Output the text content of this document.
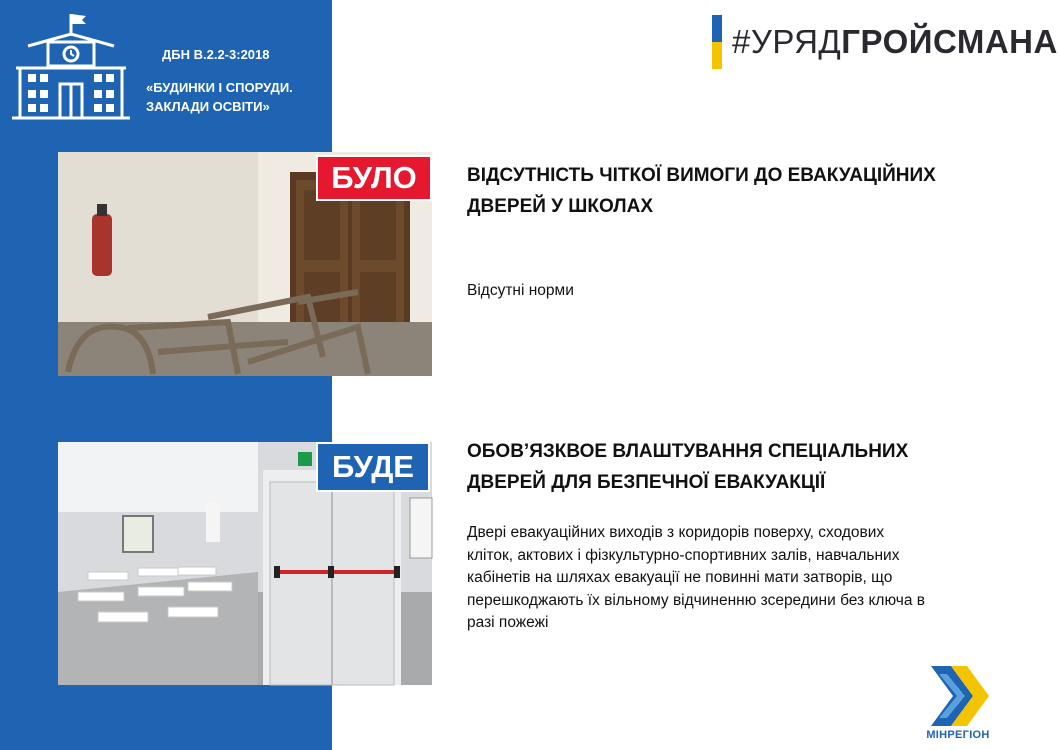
ДБН В.2.2-3:2018
«БУДИНКИ І СПОРУДИ. ЗАКЛАДИ ОСВІТИ»
#УРЯДГРОЙСМАНА
БУЛО	ВІДСУТНІСТЬ ЧІТКОЇ ВИМОГИ ДО ЕВАКУАЦІЙНИХ ДВЕРЕЙ У ШКОЛАХ
Відсутні норми
БУДЕ	ОБОВ’ЯЗКВОЕ ВЛАШТУВАННЯ СПЕЦІАЛЬНИХ ДВЕРЕЙ ДЛЯ БЕЗПЕЧНОЇ ЕВАКУАКЦІЇ
Двері евакуаційних виходів з коридорів поверху, сходових кліток, актових і фізкультурно-спортивних залів, навчальних кабінетів на шляхах евакуації не повинні мати затворів, що перешкоджають їх вільному відчиненню зсередини без ключа в разі пожежі
МІНРЕГІОН
